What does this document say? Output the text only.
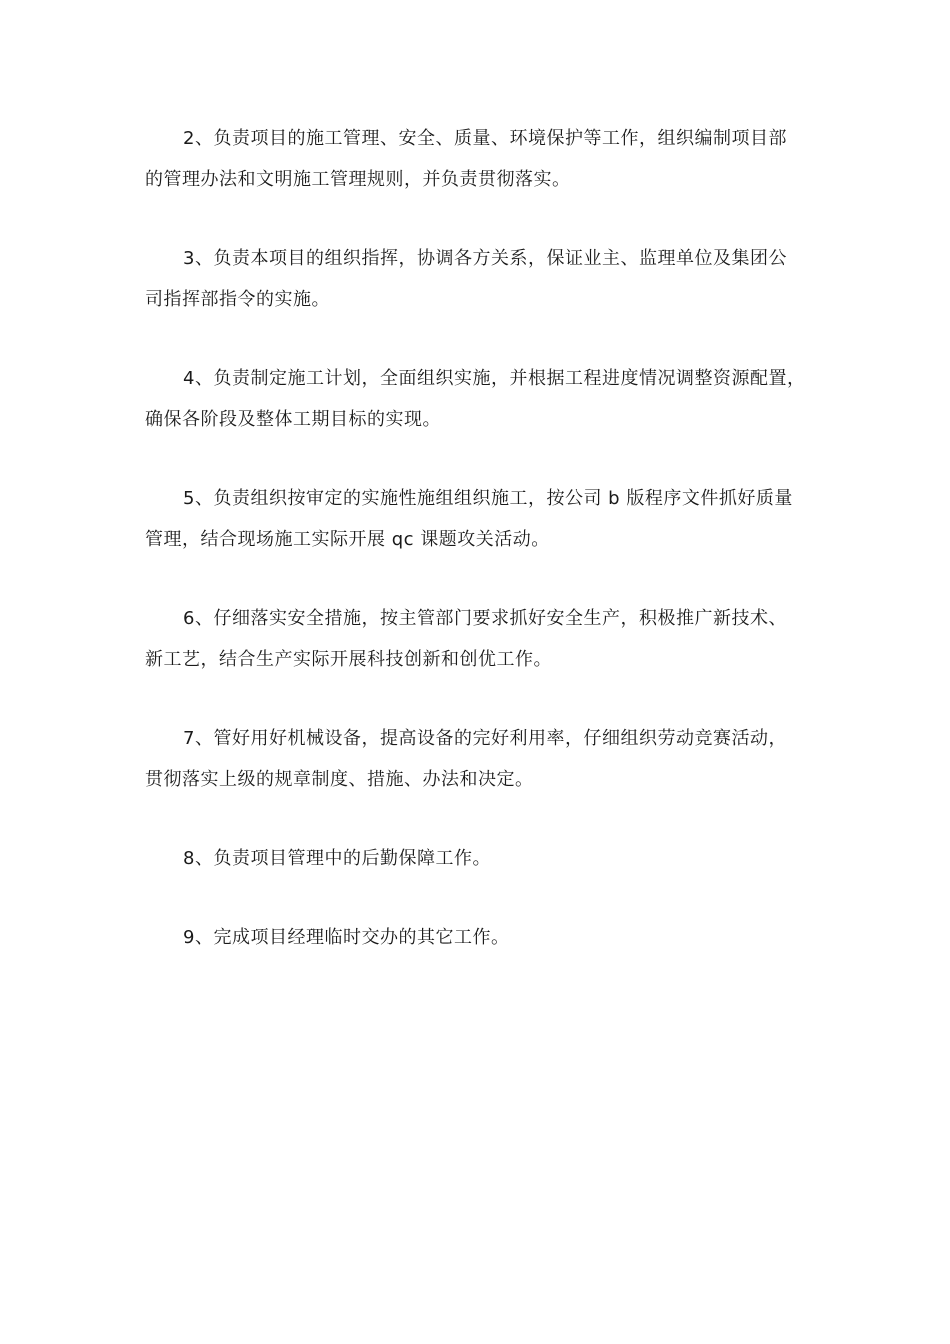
2、负责项目的施工管理、安全、质量、环境保护等工作，组织编制项目部
的管理办法和文明施工管理规则，并负责贯彻落实。

3、负责本项目的组织指挥，协调各方关系，保证业主、监理单位及集团公
司指挥部指令的实施。

4、负责制定施工计划，全面组织实施，并根据工程进度情况调整资源配置，
确保各阶段及整体工期目标的实现。

5、负责组织按审定的实施性施组组织施工，按公司 b 版程序文件抓好质量
管理，结合现场施工实际开展 qc 课题攻关活动。

6、仔细落实安全措施，按主管部门要求抓好安全生产，积极推广新技术、
新工艺，结合生产实际开展科技创新和创优工作。

7、管好用好机械设备，提高设备的完好利用率，仔细组织劳动竞赛活动，
贯彻落实上级的规章制度、措施、办法和决定。

8、负责项目管理中的后勤保障工作。

9、完成项目经理临时交办的其它工作。
